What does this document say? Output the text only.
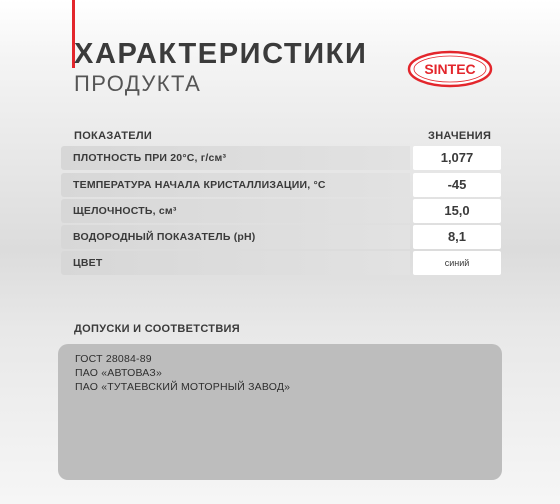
ХАРАКТЕРИСТИКИ
ПРОДУКТА
SINTEC
ПОКАЗАТЕЛИ	ЗНАЧЕНИЯ
ПЛОТНОСТЬ ПРИ 20°С, г/см³	1,077
ТЕМПЕРАТУРА НАЧАЛА КРИСТАЛЛИЗАЦИИ, °С	-45
ЩЕЛОЧНОСТЬ, см³	15,0
ВОДОРОДНЫЙ ПОКАЗАТЕЛЬ (pH)	8,1
ЦВЕТ	синий
ДОПУСКИ И СООТВЕТСТВИЯ
ГОСТ 28084-89
ПАО «АВТОВАЗ»
ПАО «ТУТАЕВСКИЙ МОТОРНЫЙ ЗАВОД»
